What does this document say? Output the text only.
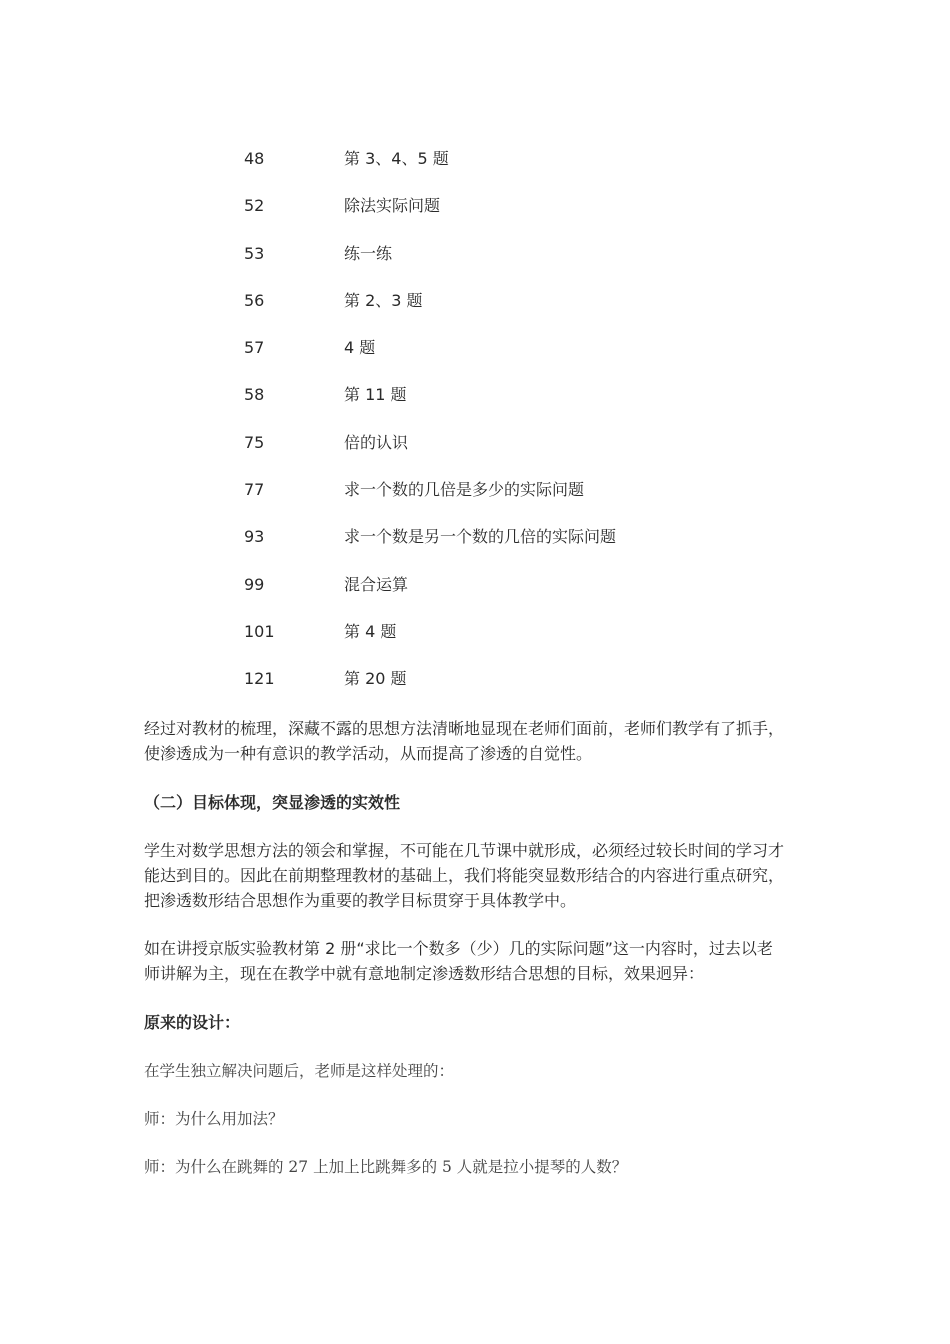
48	第 3、4、5 题
52	除法实际问题
53	练一练
56	第 2、3 题
57	4 题
58	第 11 题
75	倍的认识
77	求一个数的几倍是多少的实际问题
93	求一个数是另一个数的几倍的实际问题
99	混合运算
101	第 4 题
121	第 20 题
经过对教材的梳理，深藏不露的思想方法清晰地显现在老师们面前，老师们教学有了抓手，
使渗透成为一种有意识的教学活动，从而提高了渗透的自觉性。
（二）目标体现，突显渗透的实效性
学生对数学思想方法的领会和掌握，不可能在几节课中就形成，必须经过较长时间的学习才
能达到目的。因此在前期整理教材的基础上，我们将能突显数形结合的内容进行重点研究，
把渗透数形结合思想作为重要的教学目标贯穿于具体教学中。
如在讲授京版实验教材第 2 册“求比一个数多（少）几的实际问题”这一内容时，过去以老
师讲解为主，现在在教学中就有意地制定渗透数形结合思想的目标，效果迥异：
原来的设计：
在学生独立解决问题后，老师是这样处理的：
师：为什么用加法？
师：为什么在跳舞的 27 上加上比跳舞多的 5 人就是拉小提琴的人数？
